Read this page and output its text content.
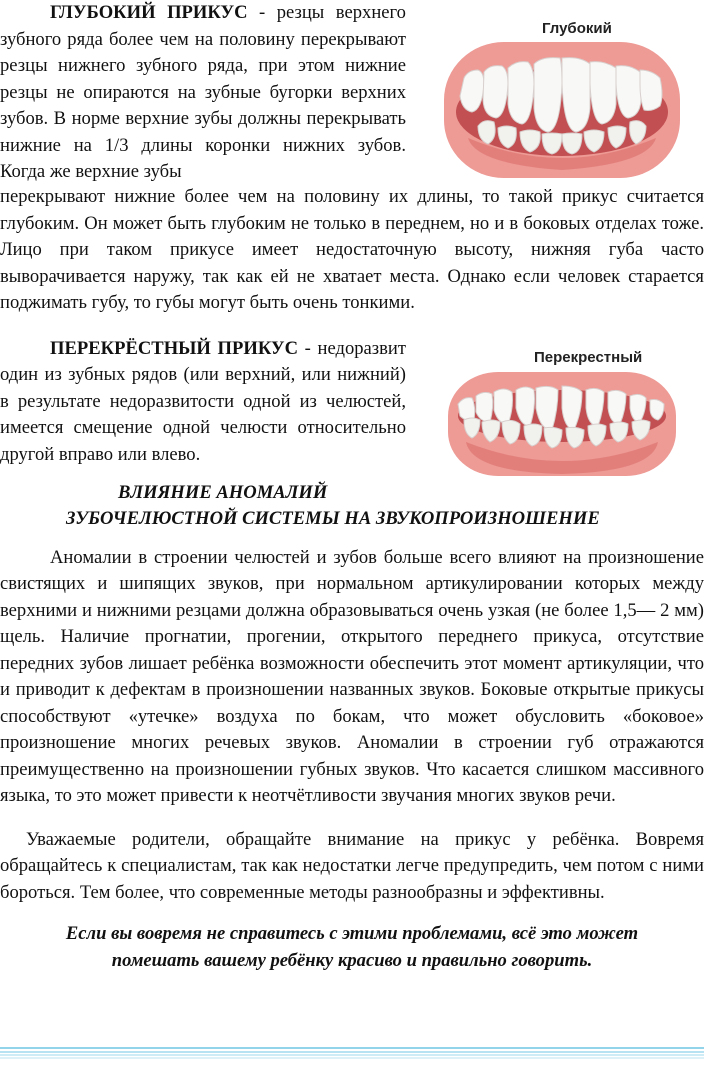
ГЛУБОКИЙ ПРИКУС - резцы верхнего зубного ряда более чем на половину перекрывают резцы нижнего зубного ряда, при этом нижние резцы не опираются на зубные бугорки верхних зубов. В норме верхние зубы должны перекрывать нижние на 1/3 длины коронки нижних зубов. Когда же верхние зубы

Глубокий

перекрывают нижние более чем на половину их длины, то такой прикус считается глубоким. Он может быть глубоким не только в переднем, но и в боковых отделах тоже. Лицо при таком прикусе имеет недостаточную высоту, нижняя губа часто выворачивается наружу, так как ей не хватает места. Однако если человек старается поджимать губу, то губы могут быть очень тонкими.

ПЕРЕКРЁСТНЫЙ ПРИКУС - недоразвит один из зубных рядов (или верхний, или нижний) в результате недоразвитости одной из челюстей, имеется смещение одной челюсти относительно другой вправо или влево.

Перекрестный
ВЛИЯНИЕ АНОМАЛИЙ
ЗУБОЧЕЛЮСТНОЙ СИСТЕМЫ НА ЗВУКОПРОИЗНОШЕНИЕ

Аномалии в строении челюстей и зубов больше всего влияют на произношение свистящих и шипящих звуков, при нормальном артикулировании которых между верхними и нижними резцами должна образовываться очень узкая (не более 1,5— 2 мм) щель. Наличие прогнатии, прогении, открытого переднего прикуса, отсутствие передних зубов лишает ребёнка возможности обеспечить этот момент артикуляции, что и приводит к дефектам в произношении названных звуков. Боковые открытые прикусы способствуют «утечке» воздуха по бокам, что может обусловить «боковое» произношение многих речевых звуков. Аномалии в строении губ отражаются преимущественно на произношении губных звуков. Что касается слишком массивного языка, то это может привести к неотчётливости звучания многих звуков речи.

Уважаемые родители, обращайте внимание на прикус у ребёнка. Вовремя обращайтесь к специалистам, так как недостатки легче предупредить, чем потом с ними бороться. Тем более, что современные методы разнообразны и эффективны.

Если вы вовремя не справитесь с этими проблемами, всё это может
помешать вашему ребёнку красиво и правильно говорить.
